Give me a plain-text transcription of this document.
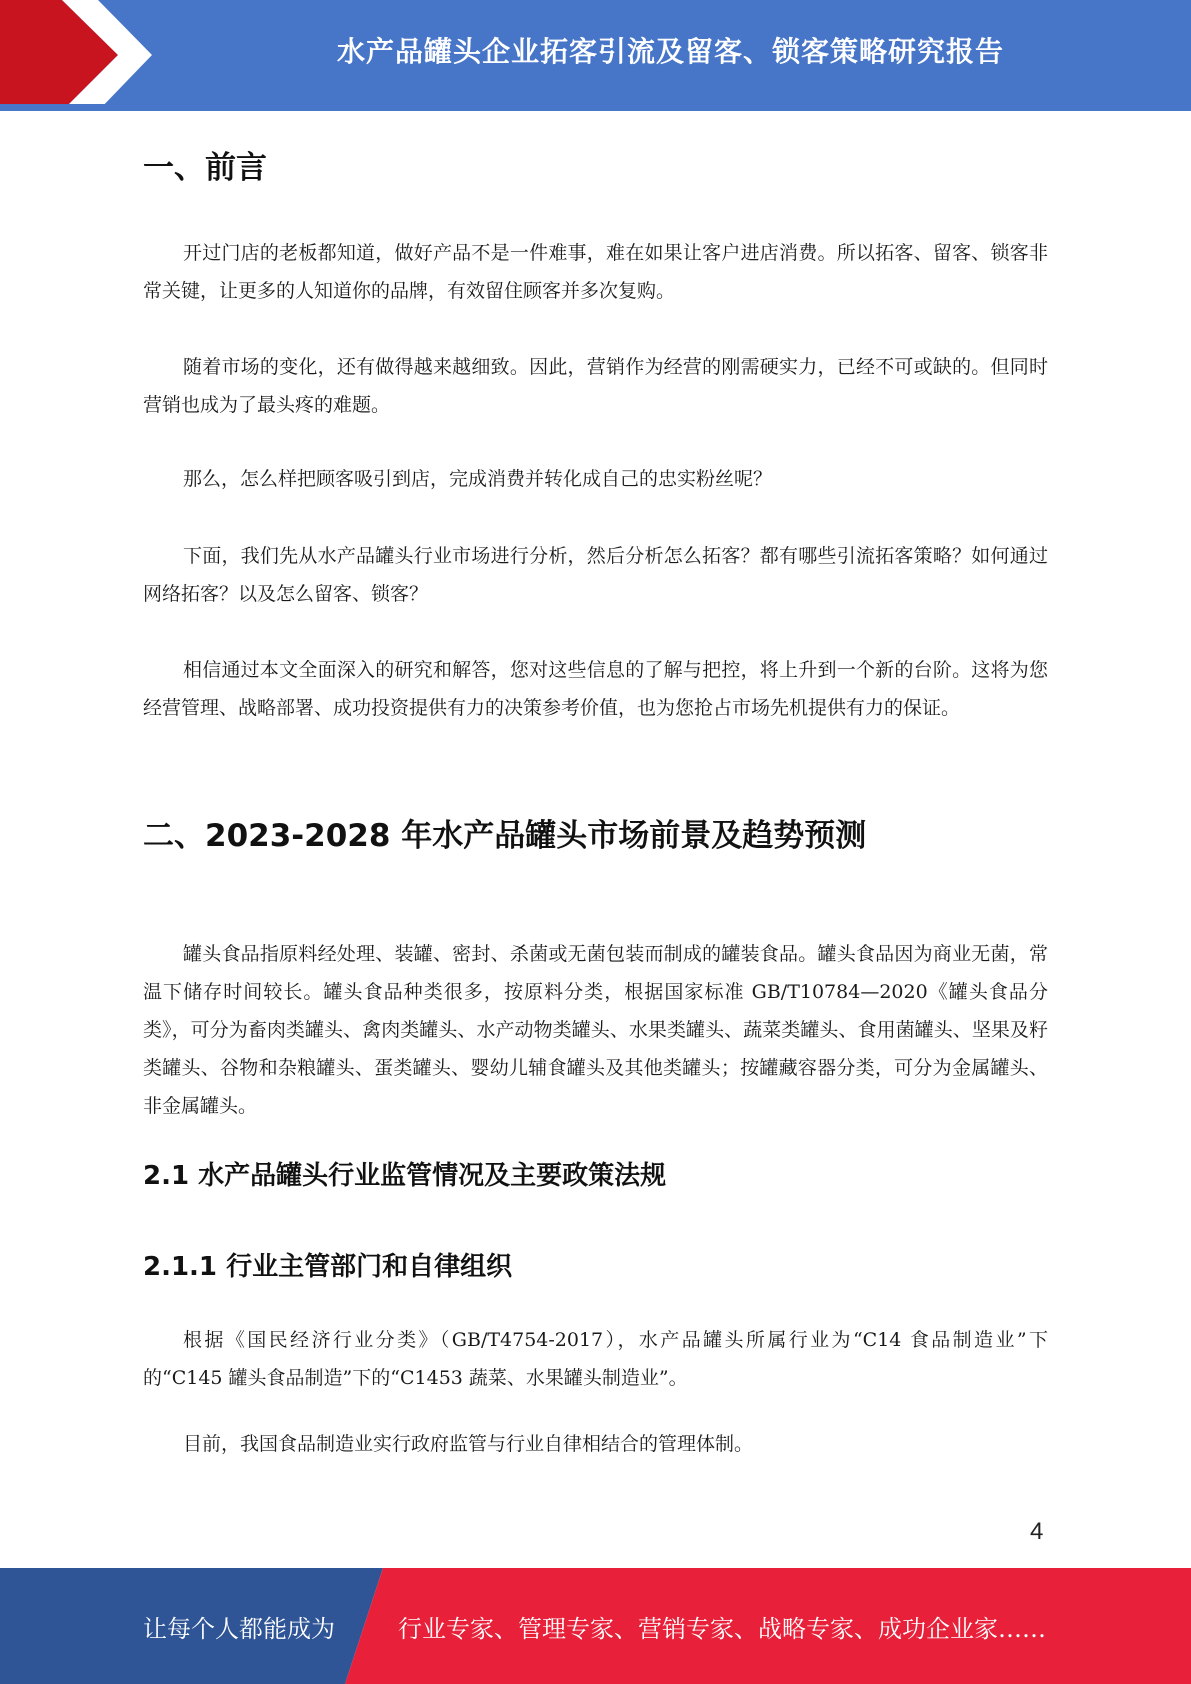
水产品罐头企业拓客引流及留客、锁客策略研究报告
一、前言

开过门店的老板都知道，做好产品不是一件难事，难在如果让客户进店消费。所以拓客、留客、锁客非常关键，让更多的人知道你的品牌，有效留住顾客并多次复购。

随着市场的变化，还有做得越来越细致。因此，营销作为经营的刚需硬实力，已经不可或缺的。但同时营销也成为了最头疼的难题。

那么，怎么样把顾客吸引到店，完成消费并转化成自己的忠实粉丝呢？

下面，我们先从水产品罐头行业市场进行分析，然后分析怎么拓客？都有哪些引流拓客策略？如何通过网络拓客？以及怎么留客、锁客？

相信通过本文全面深入的研究和解答，您对这些信息的了解与把控，将上升到一个新的台阶。这将为您经营管理、战略部署、成功投资提供有力的决策参考价值，也为您抢占市场先机提供有力的保证。

二、2023-2028 年水产品罐头市场前景及趋势预测

罐头食品指原料经处理、装罐、密封、杀菌或无菌包装而制成的罐装食品。罐头食品因为商业无菌，常温下储存时间较长。罐头食品种类很多，按原料分类，根据国家标准 GB/T10784—2020《罐头食品分类》，可分为畜肉类罐头、禽肉类罐头、水产动物类罐头、水果类罐头、蔬菜类罐头、食用菌罐头、坚果及籽类罐头、谷物和杂粮罐头、蛋类罐头、婴幼儿辅食罐头及其他类罐头；按罐藏容器分类，可分为金属罐头、非金属罐头。

2.1 水产品罐头行业监管情况及主要政策法规
2.1.1 行业主管部门和自律组织

根据《国民经济行业分类》（GB/T4754-2017），水产品罐头所属行业为“C14 食品制造业”下的“C145 罐头食品制造”下的“C1453 蔬菜、水果罐头制造业”。

目前，我国食品制造业实行政府监管与行业自律相结合的管理体制。

4
让每个人都能成为	行业专家、管理专家、营销专家、战略专家、成功企业家……
